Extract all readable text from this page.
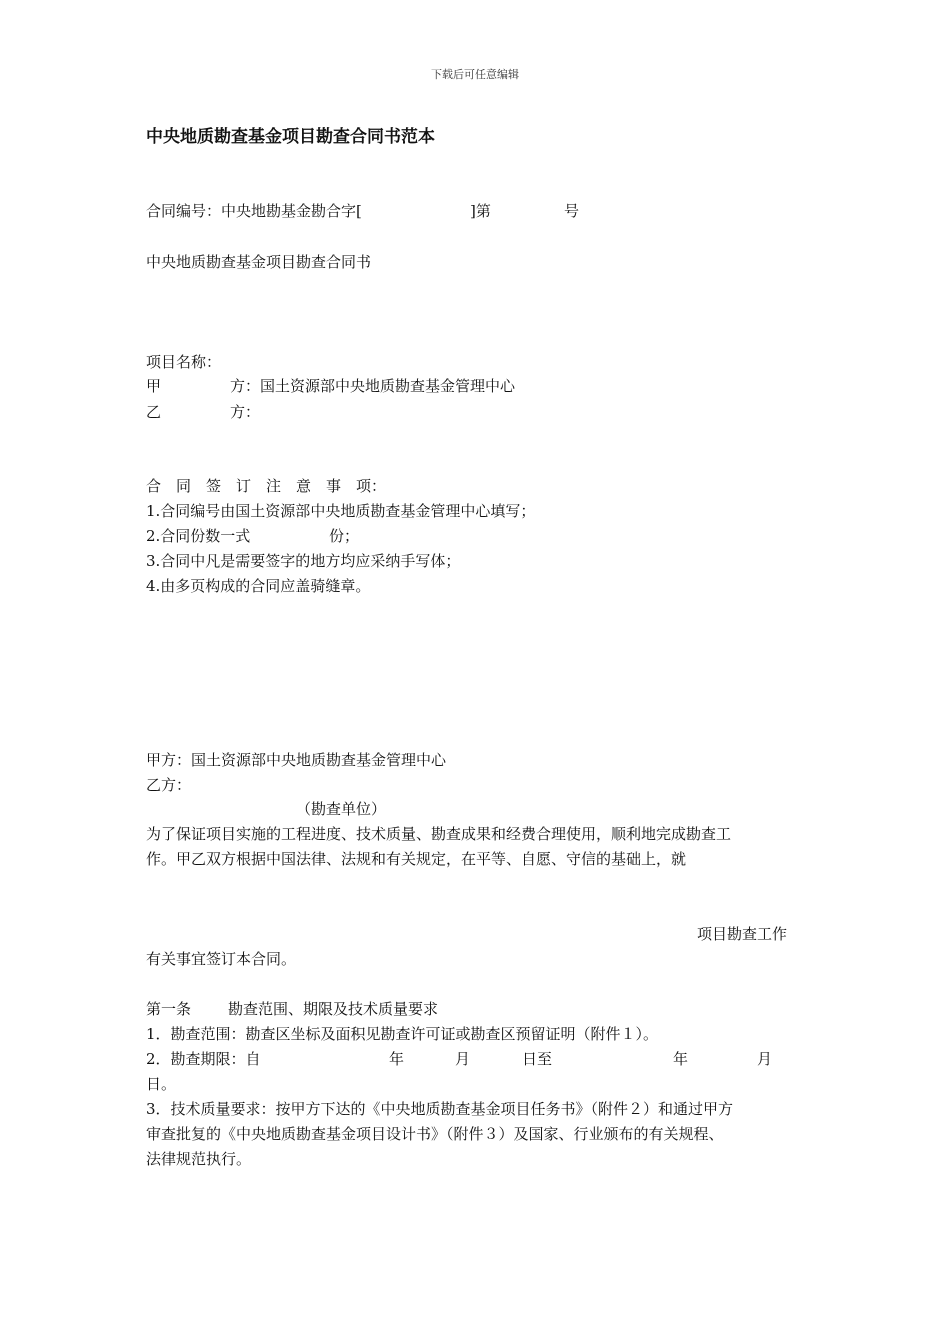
下载后可任意编辑
中央地质勘查基金项目勘查合同书范本
合同编号：中央地勘基金勘合字[	]第	号
中央地质勘查基金项目勘查合同书
项目名称：
甲	方：国土资源部中央地质勘查基金管理中心
乙	方：
合　同　签　订　注　意　事　项：
1.合同编号由国土资源部中央地质勘查基金管理中心填写；
2.合同份数一式	份；
3.合同中凡是需要签字的地方均应采纳手写体；
4.由多页构成的合同应盖骑缝章。
甲方：国土资源部中央地质勘查基金管理中心
乙方：
（勘查单位）
为了保证项目实施的工程进度、技术质量、勘查成果和经费合理使用，顺利地完成勘查工
作。甲乙双方根据中国法律、法规和有关规定，在平等、自愿、守信的基础上，就
项目勘查工作
有关事宜签订本合同。
第一条 勘查范围、期限及技术质量要求
1．勘查范围：勘查区坐标及面积见勘查许可证或勘查区预留证明（附件１）。
2．勘查期限：自	年	月	日至	年	月
日。
3．技术质量要求：按甲方下达的《中央地质勘查基金项目任务书》（附件２）和通过甲方
审查批复的《中央地质勘查基金项目设计书》（附件３）及国家、行业颁布的有关规程、
法律规范执行。
